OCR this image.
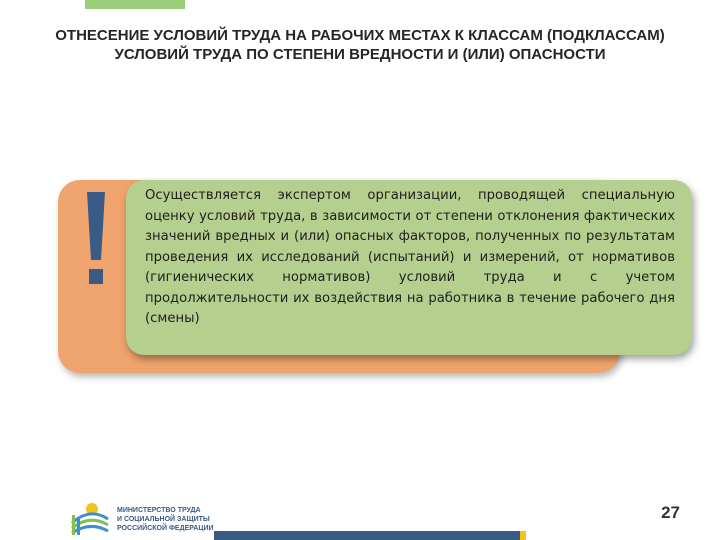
ОТНЕСЕНИЕ УСЛОВИЙ ТРУДА НА РАБОЧИХ МЕСТАХ К КЛАССАМ (ПОДКЛАССАМ) УСЛОВИЙ ТРУДА ПО СТЕПЕНИ ВРЕДНОСТИ И (ИЛИ) ОПАСНОСТИ

Осуществляется экспертом организации, проводящей специальную оценку условий труда, в зависимости от степени отклонения фактических значений вредных и (или) опасных факторов, полученных по результатам проведения их исследований (испытаний) и измерений, от нормативов (гигиенических нормативов) условий труда и с учетом продолжительности их воздействия на работника в течение рабочего дня (смены)

МИНИСТЕРСТВО ТРУДА
И СОЦИАЛЬНОЙ ЗАЩИТЫ
РОССИЙСКОЙ ФЕДЕРАЦИИ

27
